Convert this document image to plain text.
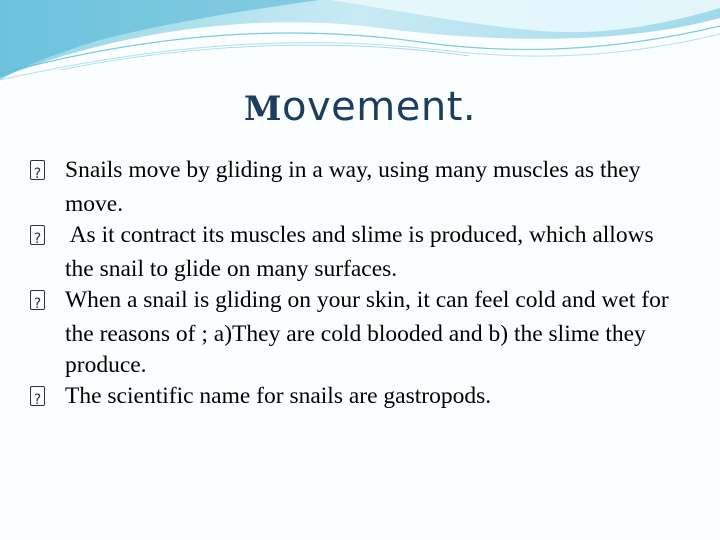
Movement.
?Snails move by gliding in a way, using many muscles as they move.
? As it contract its muscles and slime is produced, which allows the snail to glide on many surfaces.
?When a snail is gliding on your skin, it can feel cold and wet for the reasons of ; a)They are cold blooded and b) the slime they produce.
?The scientific name for snails are gastropods.
